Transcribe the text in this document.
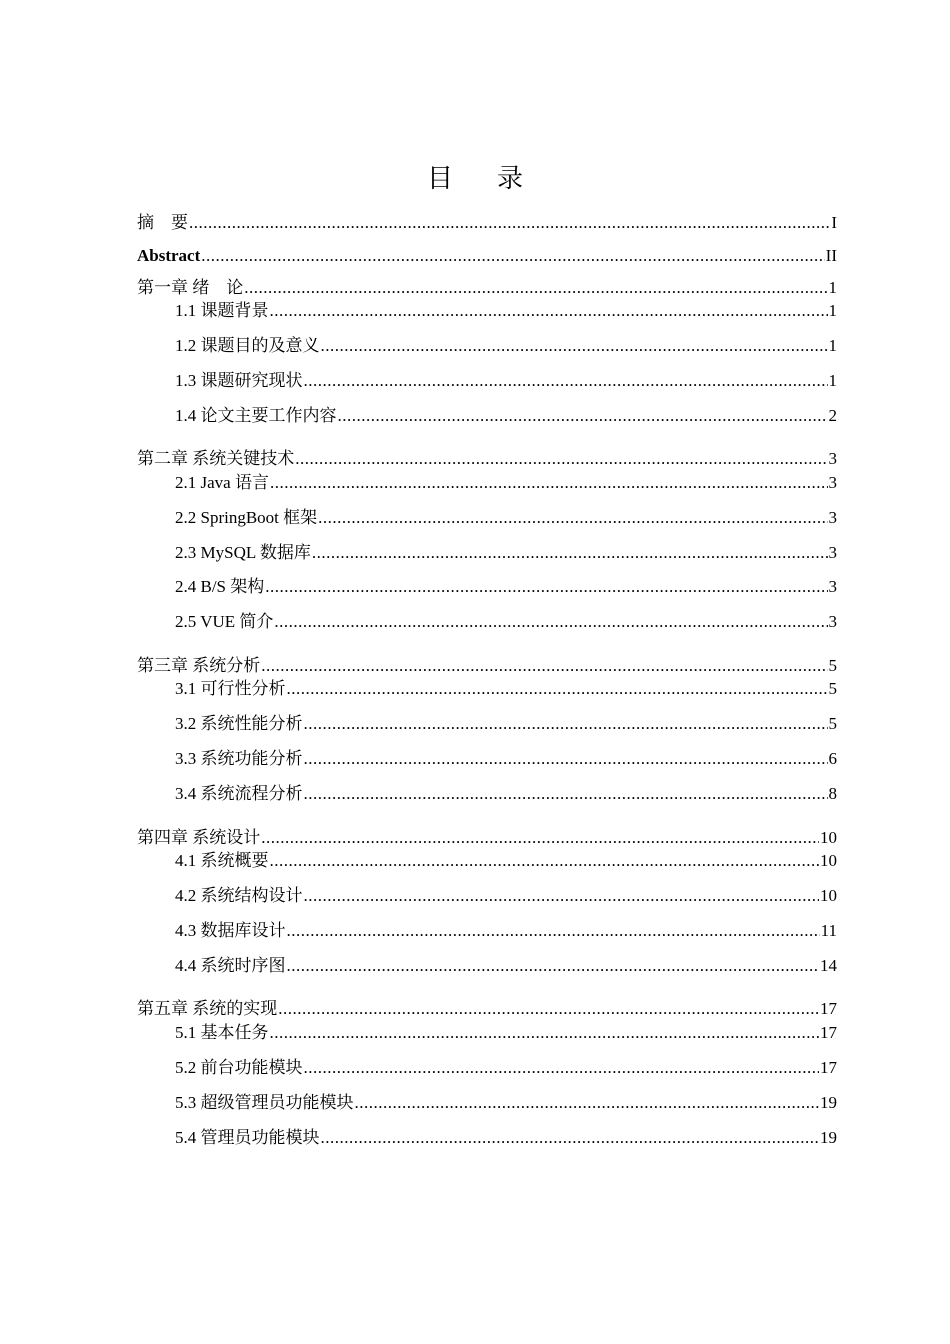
目 录
摘　要 .....	I
Abstract .....	II
第一章 绪　论 .....	1
1.1 课题背景 .....	1
1.2 课题目的及意义 .....	1
1.3 课题研究现状 .....	1
1.4 论文主要工作内容 .....	2
第二章 系统关键技术 .....	3
2.1 Java 语言 .....	3
2.2 SpringBoot 框架 .....	3
2.3 MySQL 数据库 .....	3
2.4 B/S 架构 .....	3
2.5 VUE 简介 .....	3
第三章 系统分析 .....	5
3.1 可行性分析 .....	5
3.2 系统性能分析 .....	5
3.3 系统功能分析 .....	6
3.4 系统流程分析 .....	8
第四章 系统设计 .....	10
4.1 系统概要 .....	10
4.2 系统结构设计 .....	10
4.3 数据库设计 .....	11
4.4 系统时序图 .....	14
第五章 系统的实现 .....	17
5.1 基本任务 .....	17
5.2 前台功能模块 .....	17
5.3 超级管理员功能模块 .....	19
5.4 管理员功能模块 .....	19
